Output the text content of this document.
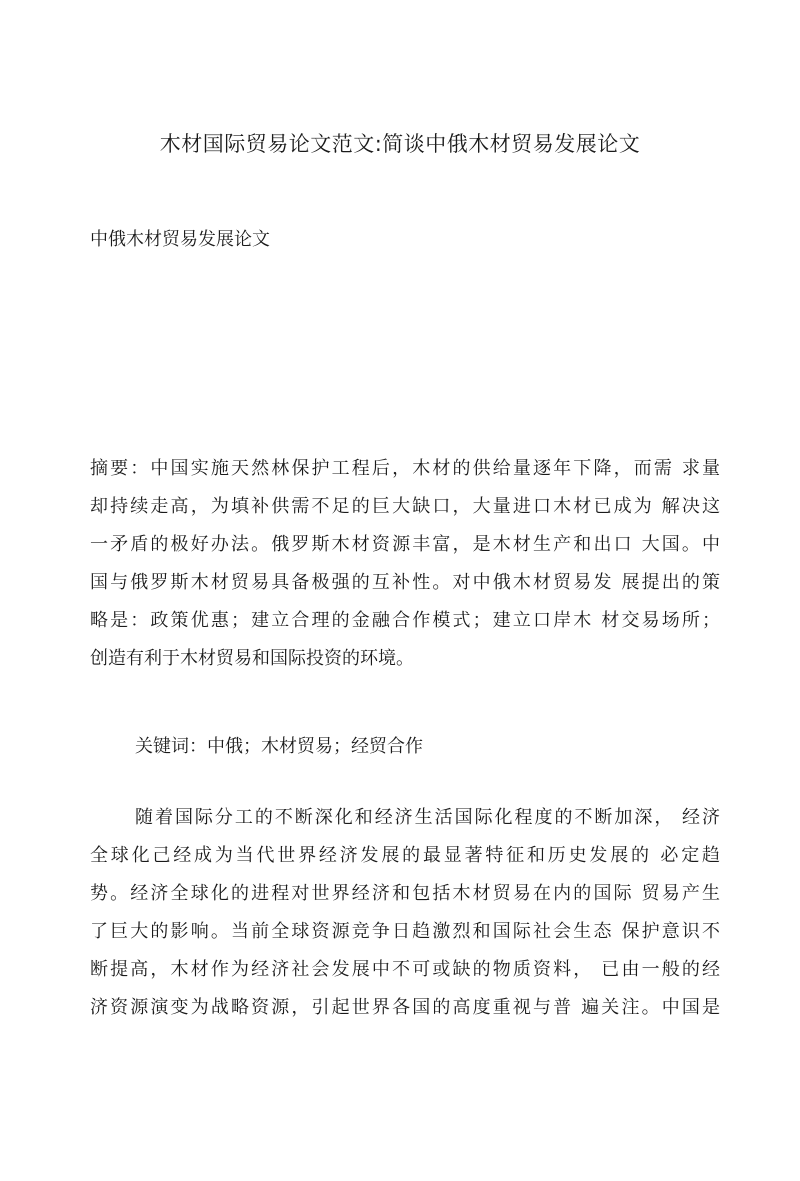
木材国际贸易论文范文:简谈中俄木材贸易发展论文

中俄木材贸易发展论文

摘要：中国实施天然林保护工程后，木材的供给量逐年下降，而需 求量
却持续走高，为填补供需不足的巨大缺口，大量进口木材已成为 解决这
一矛盾的极好办法。俄罗斯木材资源丰富，是木材生产和出口 大国。中
国与俄罗斯木材贸易具备极强的互补性。对中俄木材贸易发 展提出的策
略是：政策优惠；建立合理的金融合作模式；建立口岸木 材交易场所；
创造有利于木材贸易和国际投资的环境。

关键词：中俄；木材贸易；经贸合作

随着国际分工的不断深化和经济生活国际化程度的不断加深， 经济
全球化己经成为当代世界经济发展的最显著特征和历史发展的 必定趋
势。经济全球化的进程对世界经济和包括木材贸易在内的国际 贸易产生
了巨大的影响。当前全球资源竞争日趋激烈和国际社会生态 保护意识不
断提高，木材作为经济社会发展中不可或缺的物质资料， 已由一般的经
济资源演变为战略资源，引起世界各国的高度重视与普 遍关注。中国是
